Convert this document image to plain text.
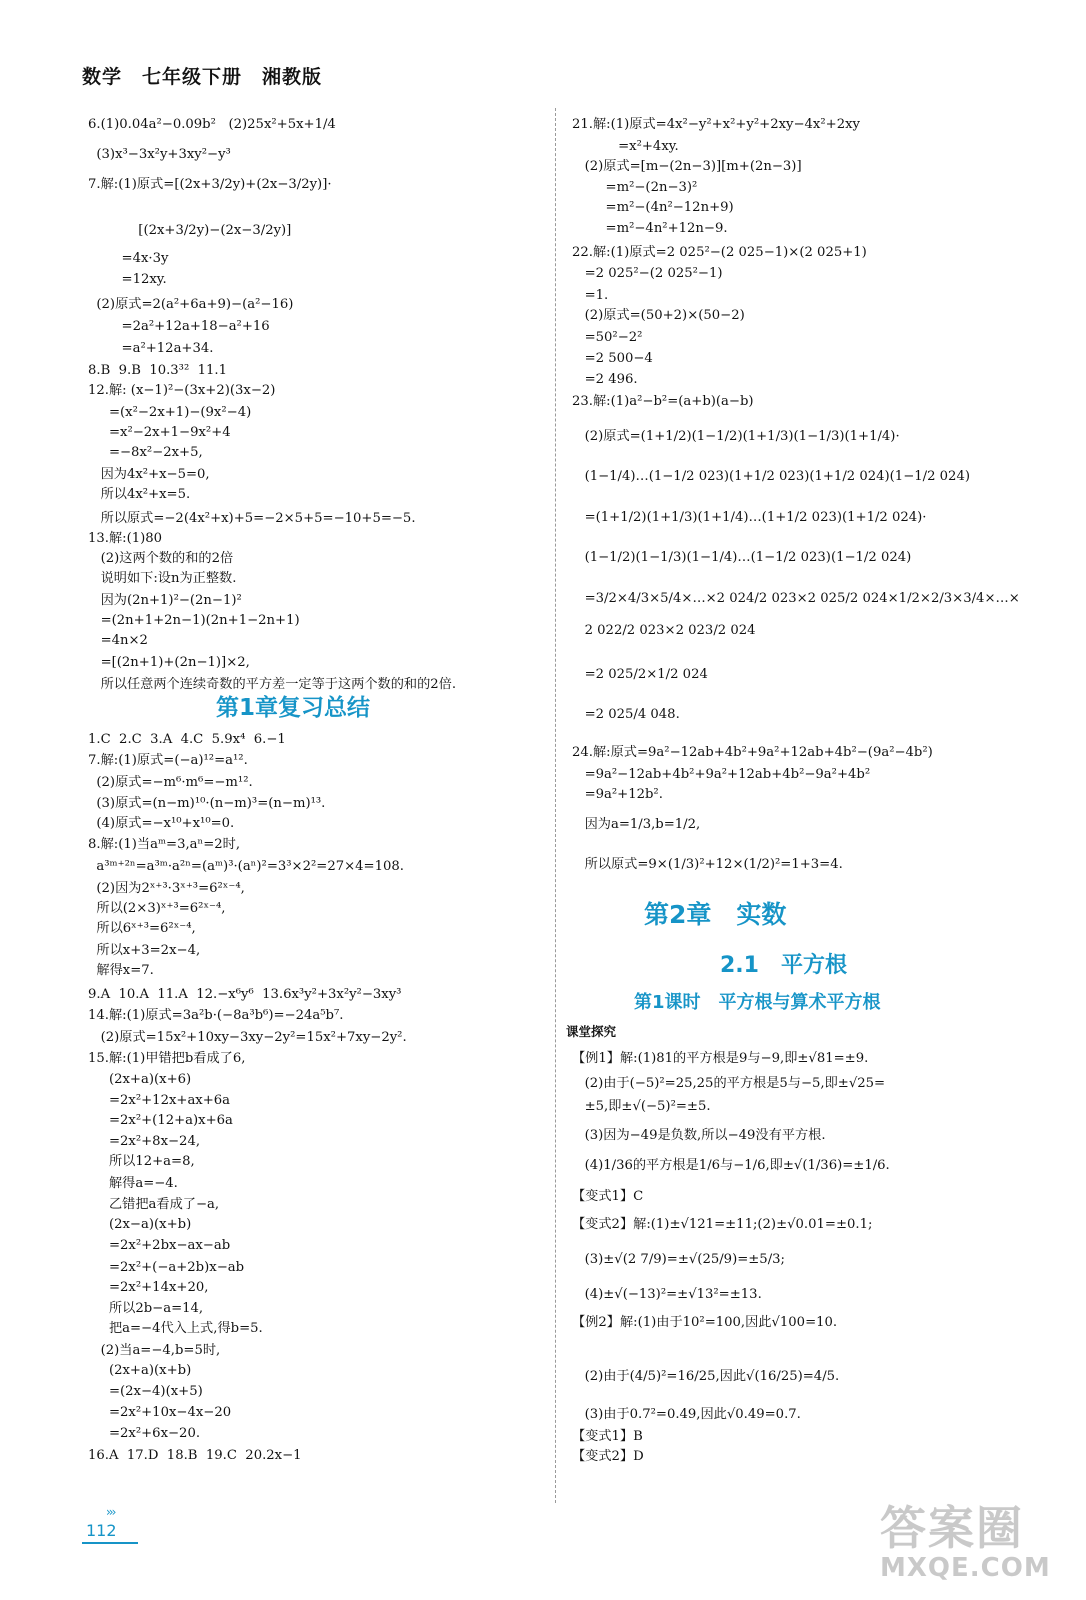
数学　七年级下册　湘教版
第1章复习总结
6.(1)0.04a²−0.09b²   (2)25x²+5x+1/4
(3)x³−3x²y+3xy²−y³
7.解:(1)原式=[(2x+3/2y)+(2x−3/2y)]·
[(2x+3/2y)−(2x−3/2y)]
=4x·3y
=12xy.
(2)原式=2(a²+6a+9)−(a²−16)
=2a²+12a+18−a²+16
=a²+12a+34.
8.B  9.B  10.3³²  11.1
12.解: (x−1)²−(3x+2)(3x−2)
=(x²−2x+1)−(9x²−4)
=x²−2x+1−9x²+4
=−8x²−2x+5,
因为4x²+x−5=0,
所以4x²+x=5.
所以原式=−2(4x²+x)+5=−2×5+5=−10+5=−5.
13.解:(1)80
(2)这两个数的和的2倍
说明如下:设n为正整数.
因为(2n+1)²−(2n−1)²
=(2n+1+2n−1)(2n+1−2n+1)
=4n×2
=[(2n+1)+(2n−1)]×2,
所以任意两个连续奇数的平方差一定等于这两个数的和的2倍.
1.C  2.C  3.A  4.C  5.9x⁴  6.−1
7.解:(1)原式=(−a)¹²=a¹².
(2)原式=−m⁶·m⁶=−m¹².
(3)原式=(n−m)¹⁰·(n−m)³=(n−m)¹³.
(4)原式=−x¹⁰+x¹⁰=0.
8.解:(1)当aᵐ=3,aⁿ=2时,
a³ᵐ⁺²ⁿ=a³ᵐ·a²ⁿ=(aᵐ)³·(aⁿ)²=3³×2²=27×4=108.
(2)因为2ˣ⁺³·3ˣ⁺³=6²ˣ⁻⁴,
所以(2×3)ˣ⁺³=6²ˣ⁻⁴,
所以6ˣ⁺³=6²ˣ⁻⁴,
所以x+3=2x−4,
解得x=7.
9.A  10.A  11.A  12.−x⁶y⁶  13.6x³y²+3x²y²−3xy³
14.解:(1)原式=3a²b·(−8a³b⁶)=−24a⁵b⁷.
(2)原式=15x²+10xy−3xy−2y²=15x²+7xy−2y².
15.解:(1)甲错把b看成了6,
(2x+a)(x+6)
=2x²+12x+ax+6a
=2x²+(12+a)x+6a
=2x²+8x−24,
所以12+a=8,
解得a=−4.
乙错把a看成了−a,
(2x−a)(x+b)
=2x²+2bx−ax−ab
=2x²+(−a+2b)x−ab
=2x²+14x+20,
所以2b−a=14,
把a=−4代入上式,得b=5.
(2)当a=−4,b=5时,
(2x+a)(x+b)
=(2x−4)(x+5)
=2x²+10x−4x−20
=2x²+6x−20.
16.A  17.D  18.B  19.C  20.2x−1
第2章　实数
2.1　平方根
第1课时　平方根与算术平方根
课堂探究
21.解:(1)原式=4x²−y²+x²+y²+2xy−4x²+2xy
=x²+4xy.
(2)原式=[m−(2n−3)][m+(2n−3)]
=m²−(2n−3)²
=m²−(4n²−12n+9)
=m²−4n²+12n−9.
22.解:(1)原式=2 025²−(2 025−1)×(2 025+1)
=2 025²−(2 025²−1)
=1.
(2)原式=(50+2)×(50−2)
=50²−2²
=2 500−4
=2 496.
23.解:(1)a²−b²=(a+b)(a−b)
(2)原式=(1+1/2)(1−1/2)(1+1/3)(1−1/3)(1+1/4)·
(1−1/4)…(1−1/2 023)(1+1/2 023)(1+1/2 024)(1−1/2 024)
=(1+1/2)(1+1/3)(1+1/4)…(1+1/2 023)(1+1/2 024)·
(1−1/2)(1−1/3)(1−1/4)…(1−1/2 023)(1−1/2 024)
=3/2×4/3×5/4×…×2 024/2 023×2 025/2 024×1/2×2/3×3/4×…×
2 022/2 023×2 023/2 024
=2 025/2×1/2 024
=2 025/4 048.
24.解:原式=9a²−12ab+4b²+9a²+12ab+4b²−(9a²−4b²)
=9a²−12ab+4b²+9a²+12ab+4b²−9a²+4b²
=9a²+12b².
因为a=1/3,b=1/2,
所以原式=9×(1/3)²+12×(1/2)²=1+3=4.
【例1】解:(1)81的平方根是9与−9,即±√81=±9.
(2)由于(−5)²=25,25的平方根是5与−5,即±√25=
±5,即±√(−5)²=±5.
(3)因为−49是负数,所以−49没有平方根.
(4)1/36的平方根是1/6与−1/6,即±√(1/36)=±1/6.
【变式1】C
【变式2】解:(1)±√121=±11;(2)±√0.01=±0.1;
(3)±√(2 7/9)=±√(25/9)=±5/3;
(4)±√(−13)²=±√13²=±13.
【例2】解:(1)由于10²=100,因此√100=10.
(2)由于(4/5)²=16/25,因此√(16/25)=4/5.
(3)由于0.7²=0.49,因此√0.49=0.7.
【变式1】B
【变式2】D
›››
112	答案圈
MXQE.COM
